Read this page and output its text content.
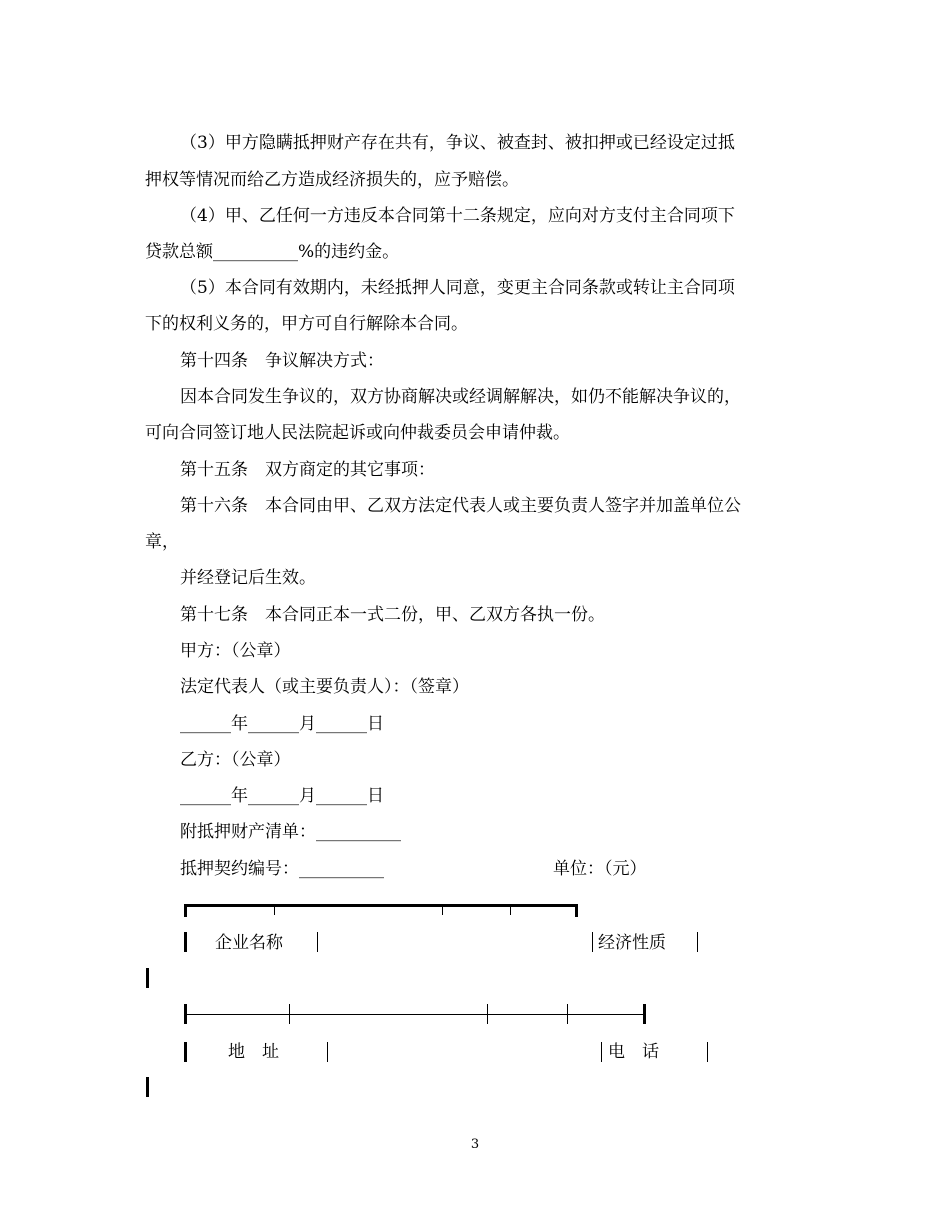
（3）甲方隐瞒抵押财产存在共有，争议、被查封、被扣押或已经设定过抵
押权等情况而给乙方造成经济损失的，应予赔偿。
（4）甲、乙任何一方违反本合同第十二条规定，应向对方支付主合同项下
贷款总额__________%的违约金。
（5）本合同有效期内，未经抵押人同意，变更主合同条款或转让主合同项
下的权利义务的，甲方可自行解除本合同。
第十四条　争议解决方式：
因本合同发生争议的，双方协商解决或经调解解决，如仍不能解决争议的，
可向合同签订地人民法院起诉或向仲裁委员会申请仲裁。
第十五条　双方商定的其它事项：
第十六条　本合同由甲、乙双方法定代表人或主要负责人签字并加盖单位公
章，
并经登记后生效。
第十七条　本合同正本一式二份，甲、乙双方各执一份。
甲方：（公章）
法定代表人（或主要负责人）：（签章）
______年______月______日
乙方：（公章）
______年______月______日
附抵押财产清单：__________
抵押契约编号：__________	单位：（元）
企业名称	经济性质
地　址	电　话
3
